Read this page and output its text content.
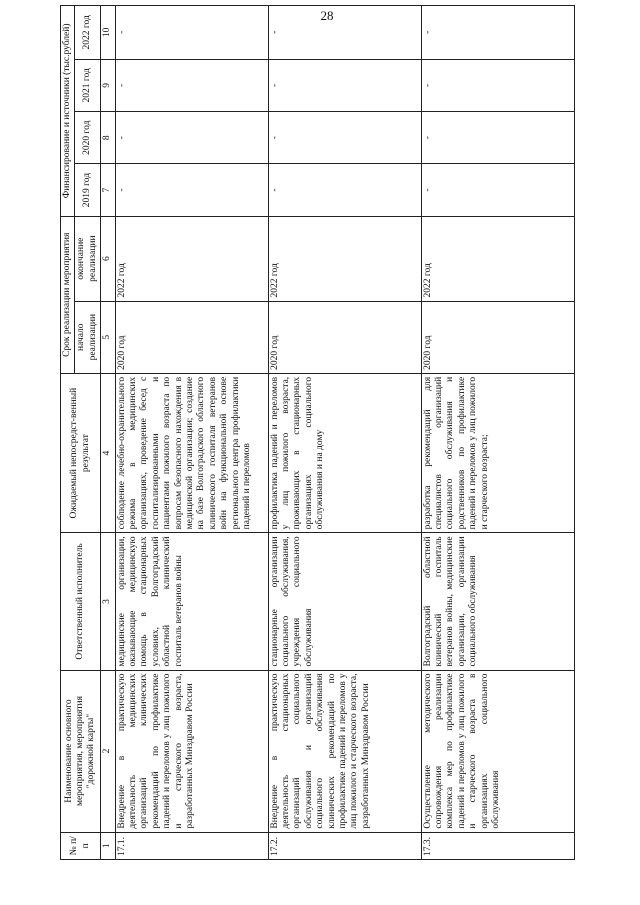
28
№ п/п	Наименование основного мероприятия, мероприятия "дорожной карты"	Ответственный исполнитель	Ожидаемый непосредст-венный результат	Срок реализации мероприятия		Финансирование и источники (тыс.рублей)			
				начало реализации	окончание реализации	2019 год	2020 год	2021 год	2022 год
1	2	3	4	5	6	7	8	9	10
17.1.	Внедрение в практическую деятельность медицинских организаций клинических рекомендаций по профилактике падений и переломов у лиц пожилого и старческого возраста, разработанных Минздравом России	медицинские организации, оказывающие медицинскую помощь в стационарных условиях, Волгоградский областной клинический госпиталь ветеранов войны	соблюдение лечебно-охранительного режима в медицинских организациях, проведение бесед с госпитализированными и пациентами пожилого возраста по вопросам безопасного нахождения в медицинской организации; создание на базе Волгоградского областного клинического госпиталя ветеранов войн на функциональной основе регионального центра профилактики падений и переломов	2020 год	2022 год	-	-	-	-
17.2.	Внедрение в практическую деятельность стационарных организаций социального обслуживания и организаций социального обслуживания клинических рекомендаций по профилактике падений и переломов у лиц пожилого и старческого возраста, разработанных Минздравом России	стационарные организации социального обслуживания, учреждения социального обслуживания	профилактика падений и переломов у лиц пожилого возраста, проживающих в стационарных организациях социального обслуживания и на дому	2020 год	2022 год	-	-	-	-
17.3.	Осуществление методического сопровождения реализации комплекса мер по профилактике падений и переломов у лиц пожилого и старческого возраста в организациях социального обслуживания	Волгоградский областной клинический госпиталь ветеранов войны, медицинские организации, организации социального обслуживания	разработка рекомендаций для специалистов организаций социального обслуживания и родственников по профилактике падений и переломов у лиц пожилого и старческого возраста;	2020 год	2022 год	-	-	-	-
